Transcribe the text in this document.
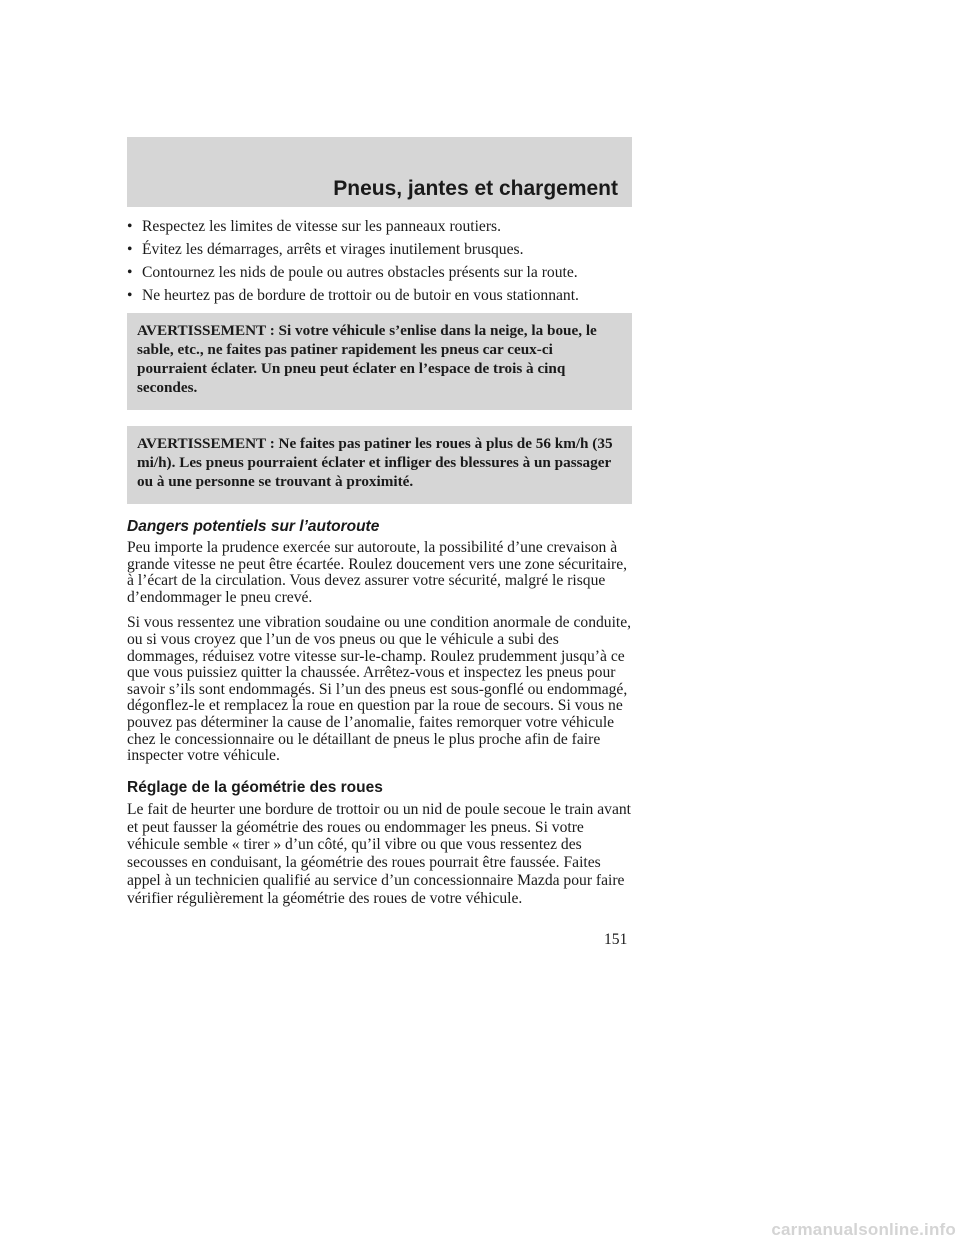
Pneus, jantes et chargement
• Respectez les limites de vitesse sur les panneaux routiers.
• Évitez les démarrages, arrêts et virages inutilement brusques.
• Contournez les nids de poule ou autres obstacles présents sur la route.
• Ne heurtez pas de bordure de trottoir ou de butoir en vous stationnant.
AVERTISSEMENT : Si votre véhicule s’enlise dans la neige, la boue, le sable, etc., ne faites pas patiner rapidement les pneus car ceux-ci pourraient éclater. Un pneu peut éclater en l’espace de trois à cinq secondes.
AVERTISSEMENT : Ne faites pas patiner les roues à plus de 56 km/h (35 mi/h). Les pneus pourraient éclater et infliger des blessures à un passager ou à une personne se trouvant à proximité.
Dangers potentiels sur l’autoroute

Peu importe la prudence exercée sur autoroute, la possibilité d’une crevaison à grande vitesse ne peut être écartée. Roulez doucement vers une zone sécuritaire, à l’écart de la circulation. Vous devez assurer votre sécurité, malgré le risque d’endommager le pneu crevé.

Si vous ressentez une vibration soudaine ou une condition anormale de conduite, ou si vous croyez que l’un de vos pneus ou que le véhicule a subi des dommages, réduisez votre vitesse sur-le-champ. Roulez prudemment jusqu’à ce que vous puissiez quitter la chaussée. Arrêtez-vous et inspectez les pneus pour savoir s’ils sont endommagés. Si l’un des pneus est sous-gonflé ou endommagé, dégonflez-le et remplacez la roue en question par la roue de secours. Si vous ne pouvez pas déterminer la cause de l’anomalie, faites remorquer votre véhicule chez le concessionnaire ou le détaillant de pneus le plus proche afin de faire inspecter votre véhicule.

Réglage de la géométrie des roues

Le fait de heurter une bordure de trottoir ou un nid de poule secoue le train avant et peut fausser la géométrie des roues ou endommager les pneus. Si votre véhicule semble « tirer » d’un côté, qu’il vibre ou que vous ressentez des secousses en conduisant, la géométrie des roues pourrait être faussée. Faites appel à un technicien qualifié au service d’un concessionnaire Mazda pour faire vérifier régulièrement la géométrie des roues de votre véhicule.

151
carmanualsonline.info
